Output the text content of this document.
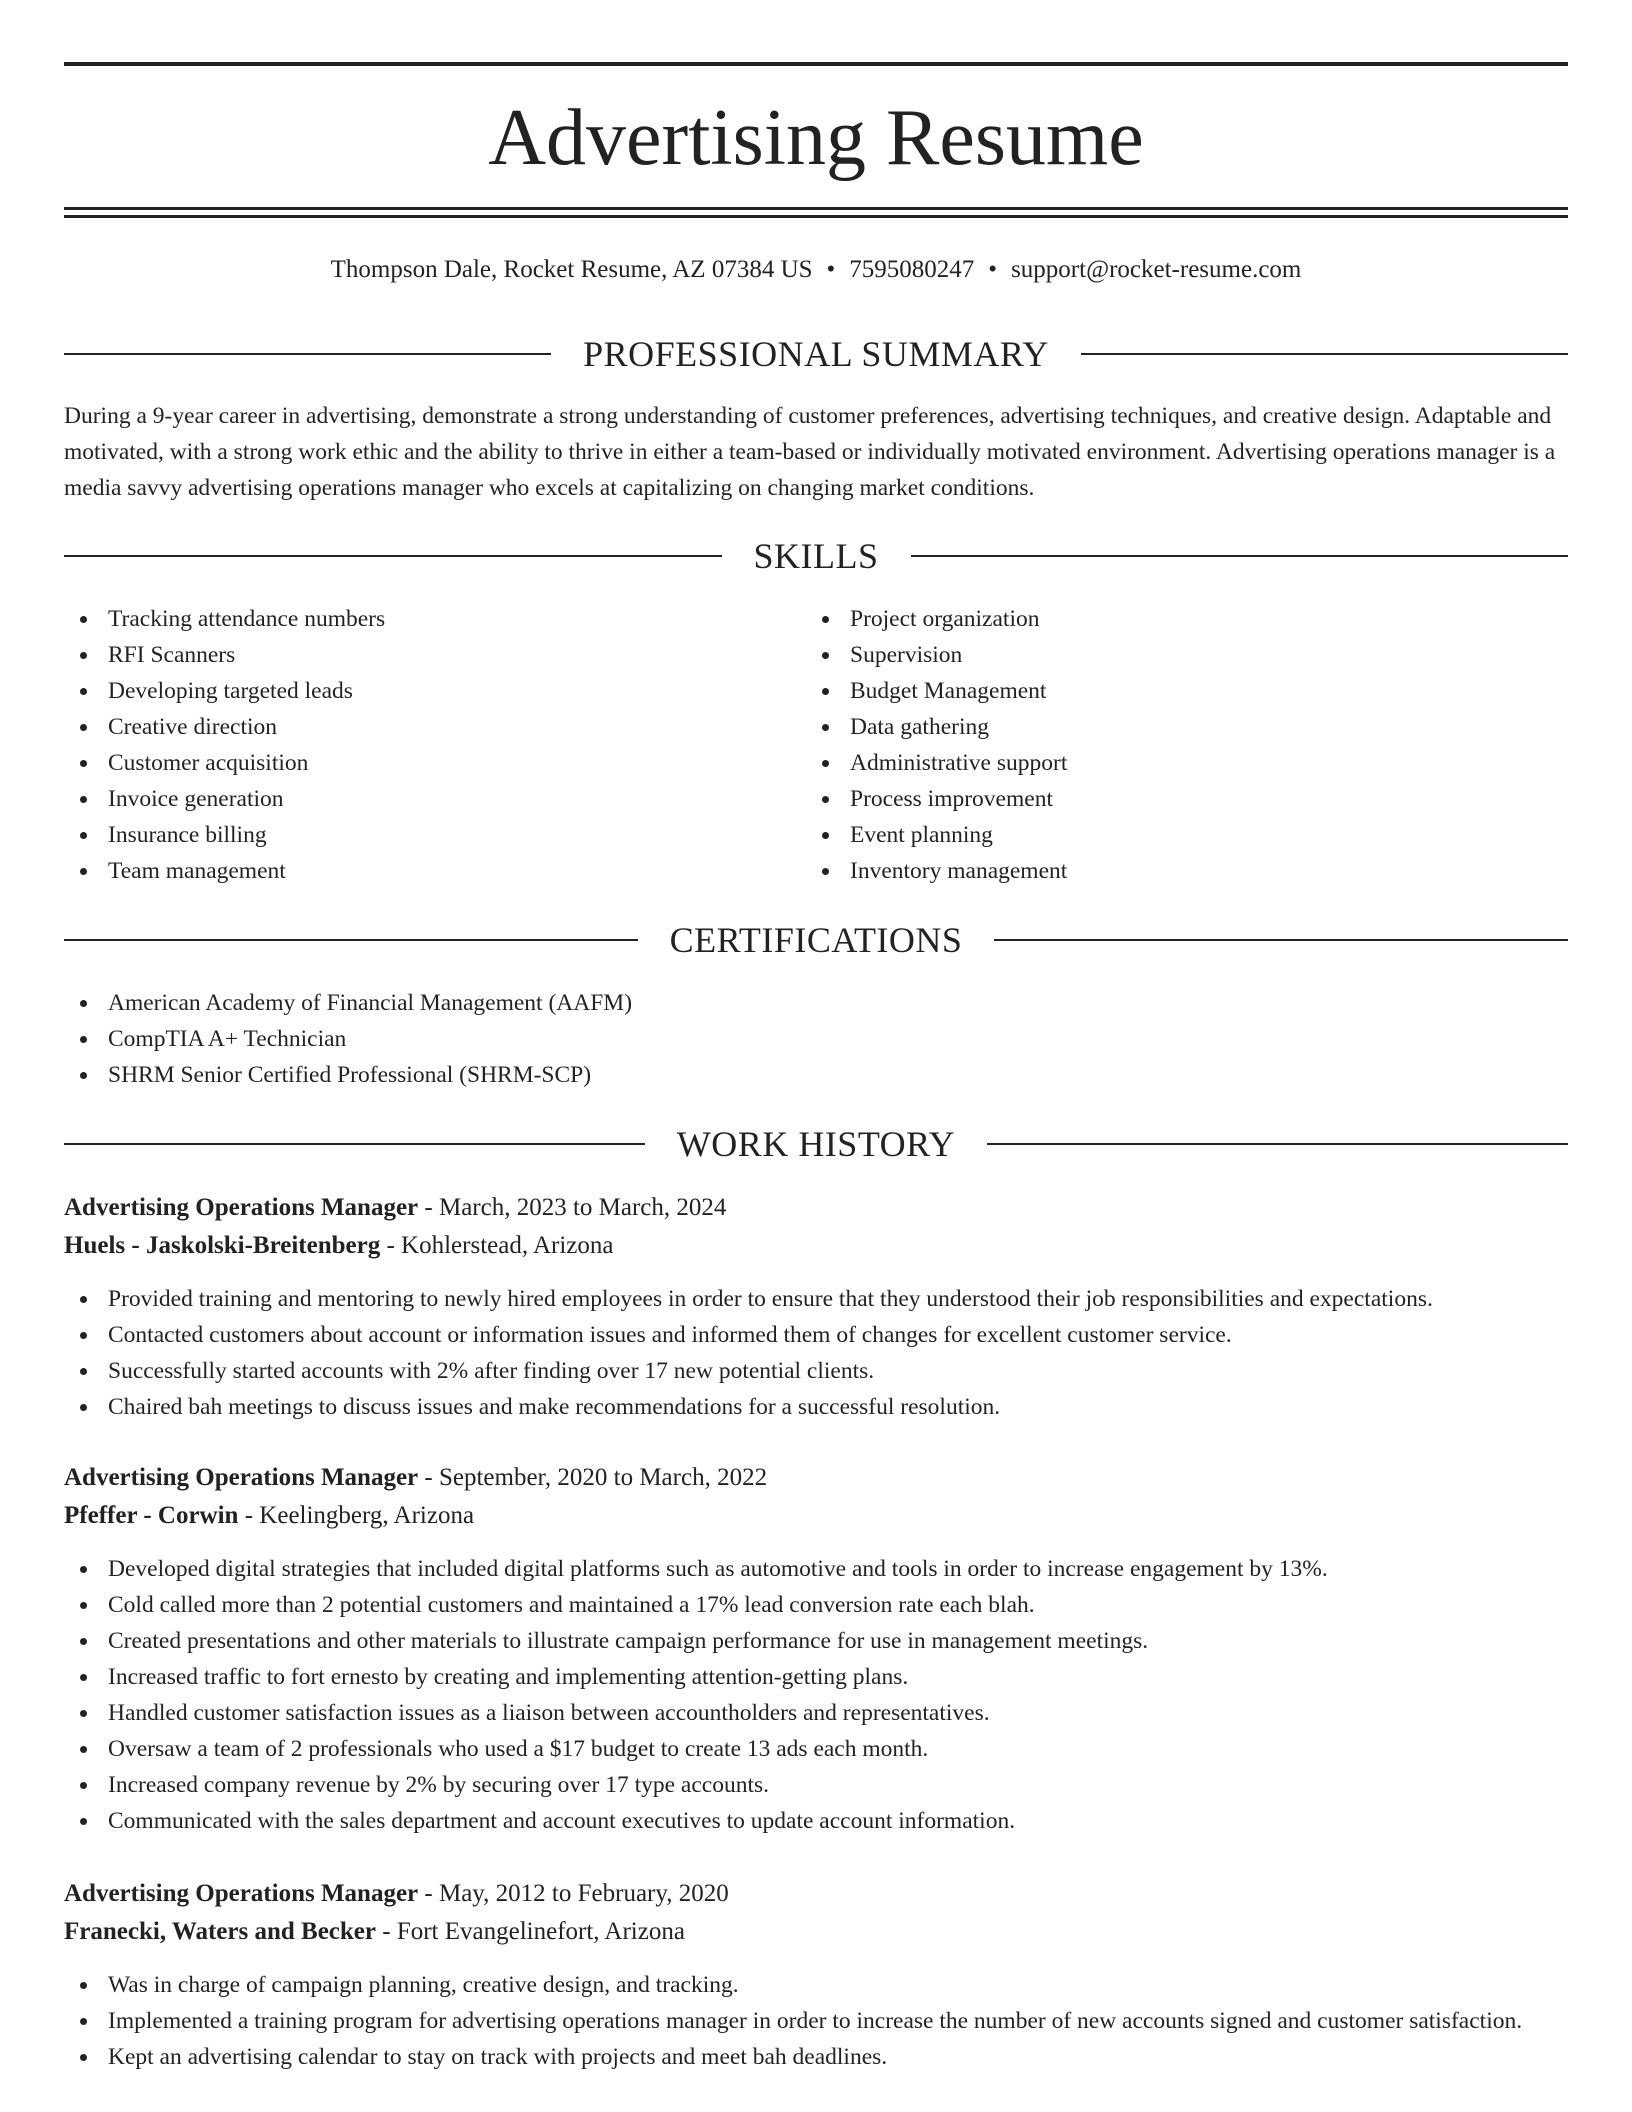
Advertising Resume
Thompson Dale, Rocket Resume, AZ 07384 US • 7595080247 • support@rocket-resume.com
PROFESSIONAL SUMMARY

During a 9-year career in advertising, demonstrate a strong understanding of customer preferences, advertising techniques, and creative design. Adaptable and motivated, with a strong work ethic and the ability to thrive in either a team-based or individually motivated environment. Advertising operations manager is a media savvy advertising operations manager who excels at capitalizing on changing market conditions.

SKILLS
Tracking attendance numbers
RFI Scanners
Developing targeted leads
Creative direction
Customer acquisition
Invoice generation
Insurance billing
Team management
Project organization
Supervision
Budget Management
Data gathering
Administrative support
Process improvement
Event planning
Inventory management
CERTIFICATIONS
American Academy of Financial Management (AAFM)
CompTIA A+ Technician
SHRM Senior Certified Professional (SHRM-SCP)
WORK HISTORY
Advertising Operations Manager - March, 2023 to March, 2024
Huels - Jaskolski-Breitenberg - Kohlerstead, Arizona
Provided training and mentoring to newly hired employees in order to ensure that they understood their job responsibilities and expectations.
Contacted customers about account or information issues and informed them of changes for excellent customer service.
Successfully started accounts with 2% after finding over 17 new potential clients.
Chaired bah meetings to discuss issues and make recommendations for a successful resolution.
Advertising Operations Manager - September, 2020 to March, 2022
Pfeffer - Corwin - Keelingberg, Arizona
Developed digital strategies that included digital platforms such as automotive and tools in order to increase engagement by 13%.
Cold called more than 2 potential customers and maintained a 17% lead conversion rate each blah.
Created presentations and other materials to illustrate campaign performance for use in management meetings.
Increased traffic to fort ernesto by creating and implementing attention-getting plans.
Handled customer satisfaction issues as a liaison between accountholders and representatives.
Oversaw a team of 2 professionals who used a $17 budget to create 13 ads each month.
Increased company revenue by 2% by securing over 17 type accounts.
Communicated with the sales department and account executives to update account information.
Advertising Operations Manager - May, 2012 to February, 2020
Franecki, Waters and Becker - Fort Evangelinefort, Arizona
Was in charge of campaign planning, creative design, and tracking.
Implemented a training program for advertising operations manager in order to increase the number of new accounts signed and customer satisfaction.
Kept an advertising calendar to stay on track with projects and meet bah deadlines.
